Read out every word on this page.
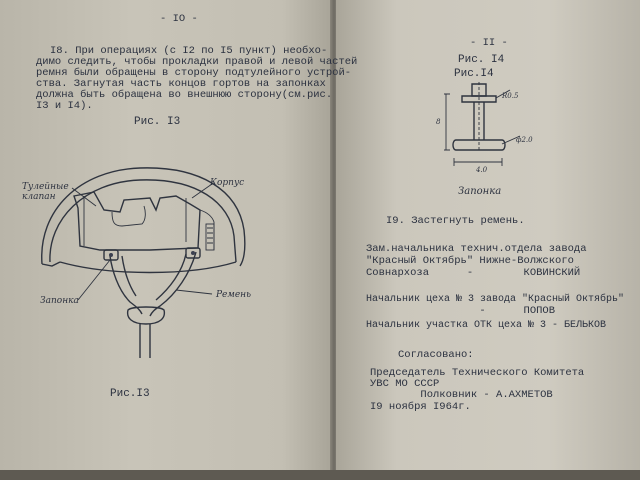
- IO -
I8. При операциях (с I2 по I5 пункт) необхо-
димо следить, чтобы прокладки правой и левой частей
ремня были обращены в сторону подтулейного устрой-
ства. Загнутая часть концов гортов на запонках
должна быть обращена во внешнюю сторону(см.рис.
I3 и I4).
Рис. I3
Тулейные
клапан
Корпус
Запонка
Ремень
Рис.I3
- II -
Рис. I4
Рис.I4
R0.5
ф2.0
8
4.0
Запонка
I9. Застегнуть ремень.
Зам.начальника технич.отдела завода
"Красный Октябрь" Нижне-Волжского
Совнархоза      -        КОВИНСКИЙ
Начальник цеха № 3 завода "Красный Октябрь"
-      ПОПОВ
Начальник участка ОТК цеха № 3 - БЕЛЬКОВ
Согласовано:
Председатель Технического Комитета
УВС МО СССР
Полковник - А.АХМЕТОВ
I9 ноября I964г.
